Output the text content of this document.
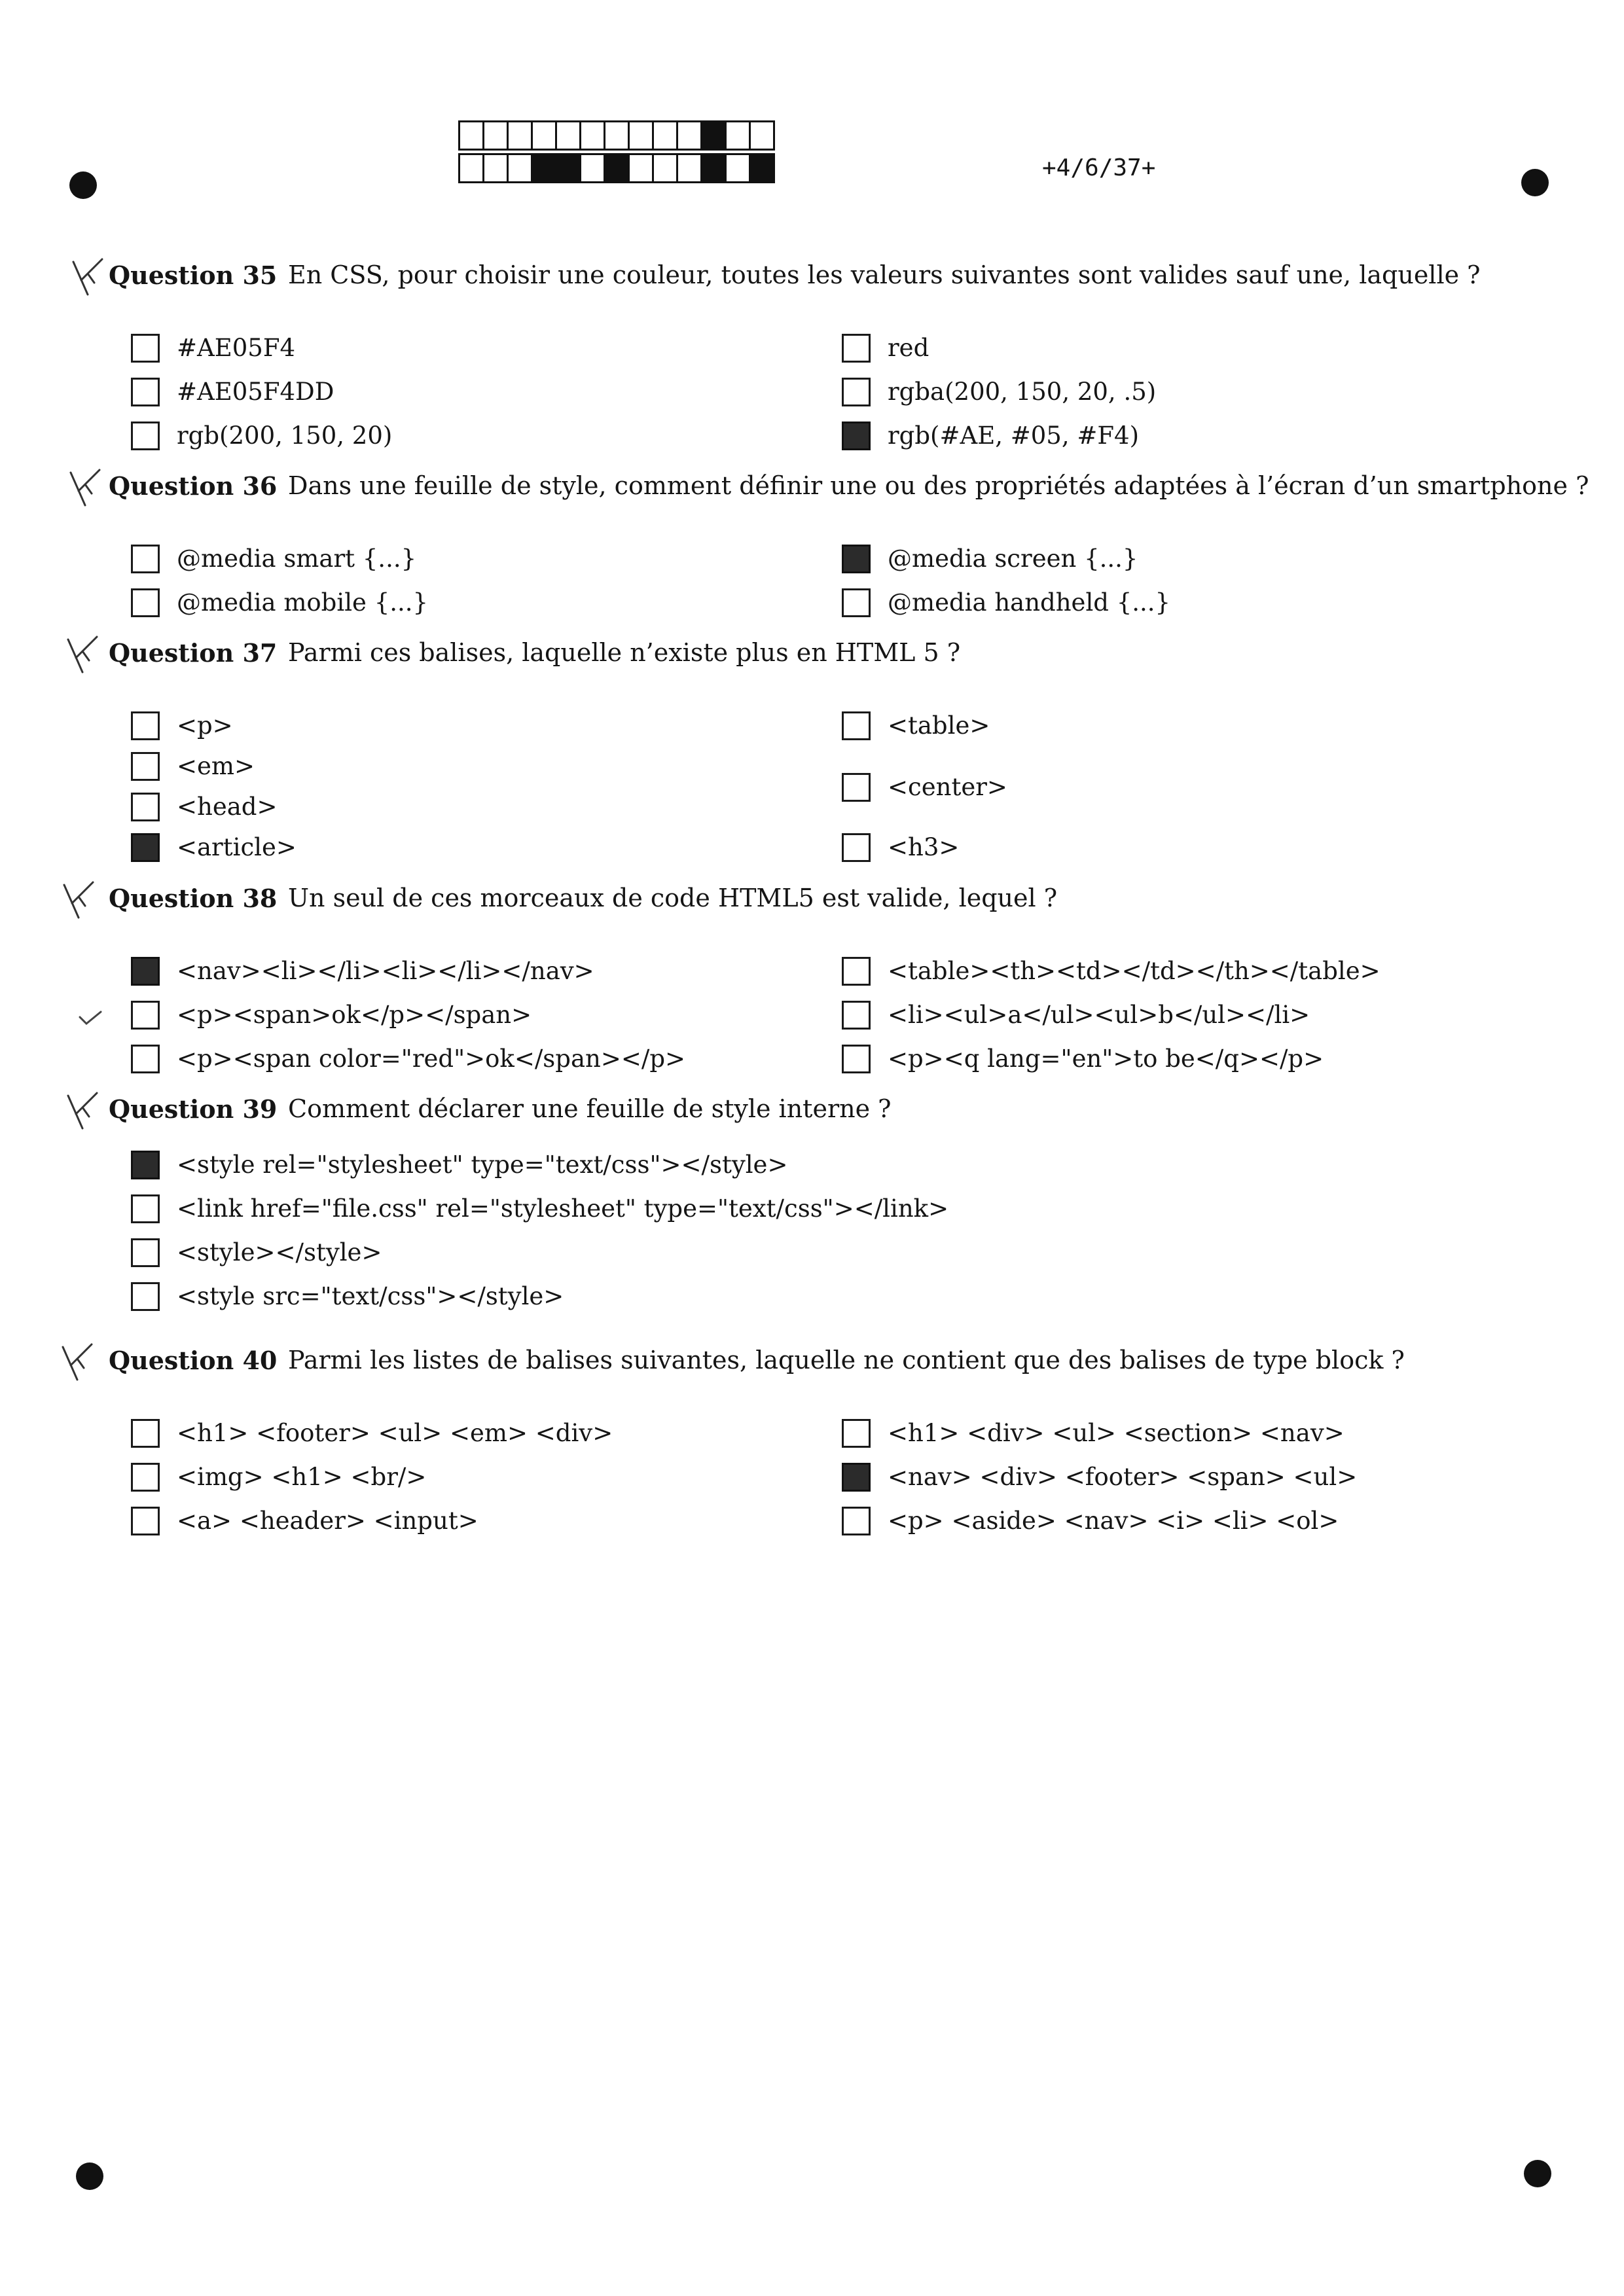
+4/6/37+
Question 35 En CSS, pour choisir une couleur, toutes les valeurs suivantes sont valides sauf une, laquelle ?
#AE05F4
#AE05F4DD
rgb(200, 150, 20)
red
rgba(200, 150, 20, .5)
rgb(#AE, #05, #F4)
Question 36 Dans une feuille de style, comment définir une ou des propriétés adaptées à l’écran d’un smartphone ?
@media smart {...}
@media mobile {...}
@media screen {...}
@media handheld {...}
Question 37 Parmi ces balises, laquelle n’existe plus en HTML 5 ?
<p>
<em>
<head>
<article>
<table>
<center>
<h3>
Question 38 Un seul de ces morceaux de code HTML5 est valide, lequel ?
<nav><li></li><li></li></nav>
<p><span>ok</p></span>
<p><span color="red">ok</span></p>
<table><th><td></td></th></table>
<li><ul>a</ul><ul>b</ul></li>
<p><q lang="en">to be</q></p>
Question 39 Comment déclarer une feuille de style interne ?
<style rel="stylesheet" type="text/css"></style>
<link href="file.css" rel="stylesheet" type="text/css"></link>
<style></style>
<style src="text/css"></style>
Question 40 Parmi les listes de balises suivantes, laquelle ne contient que des balises de type block ?
<h1> <footer> <ul> <em> <div>
<img> <h1> <br/>
<a> <header> <input>
<h1> <div> <ul> <section> <nav>
<nav> <div> <footer> <span> <ul>
<p> <aside> <nav> <i> <li> <ol>
